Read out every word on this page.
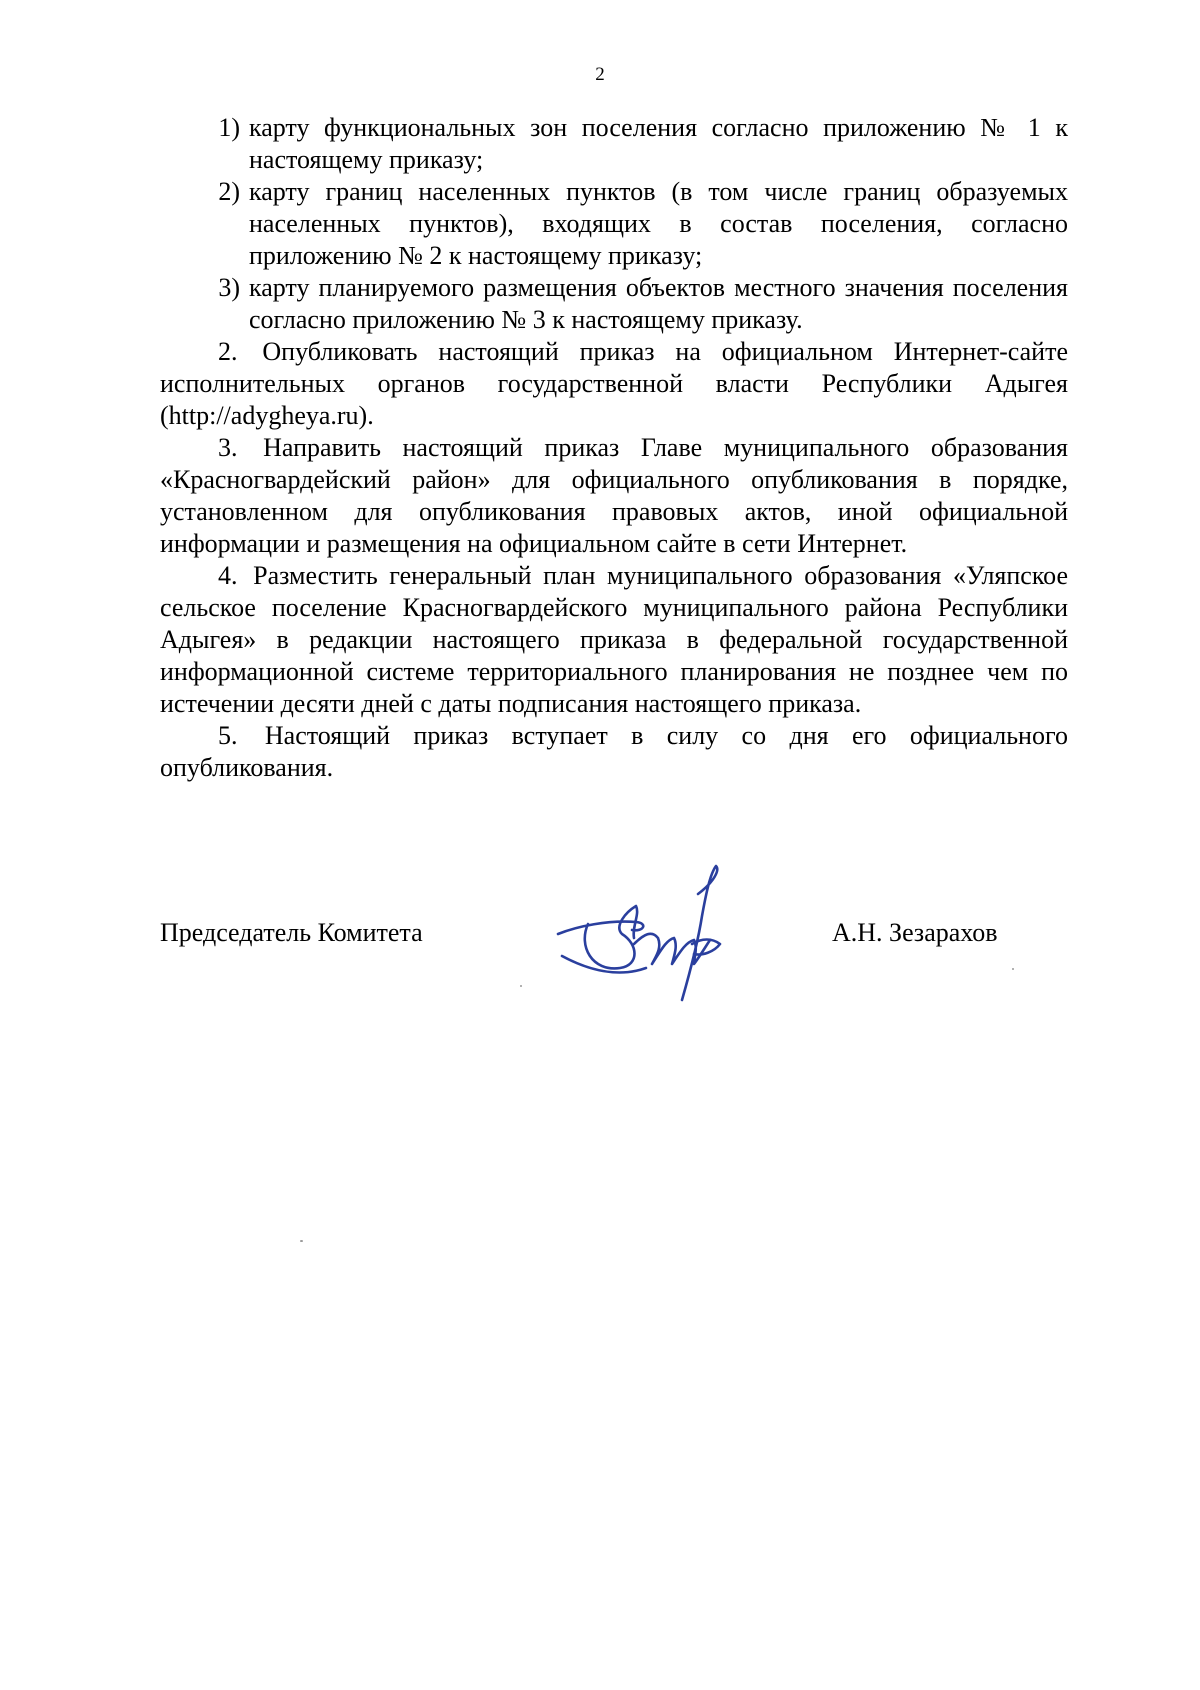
2
1) карту функциональных зон поселения согласно приложению № 1 к настоящему приказу;
2) карту границ населенных пунктов (в том числе границ образуемых населенных пунктов), входящих в состав поселения, согласно приложению № 2 к настоящему приказу;
3) карту планируемого размещения объектов местного значения поселения согласно приложению № 3 к настоящему приказу.

2. Опубликовать настоящий приказ на официальном Интернет-сайте исполнительных органов государственной власти Республики Адыгея (http://adygheya.ru).

3. Направить настоящий приказ Главе муниципального образования «Красногвардейский район» для официального опубликования в порядке, установленном для опубликования правовых актов, иной официальной информации и размещения на официальном сайте в сети Интернет.

4. Разместить генеральный план муниципального образования «Уляпское сельское поселение Красногвардейского муниципального района Республики Адыгея» в редакции настоящего приказа в федеральной государственной информационной системе территориального планирования не позднее чем по истечении десяти дней с даты подписания настоящего приказа.

5. Настоящий приказ вступает в силу со дня его официального опубликования.

Председатель Комитета	А.Н. Зезарахов
